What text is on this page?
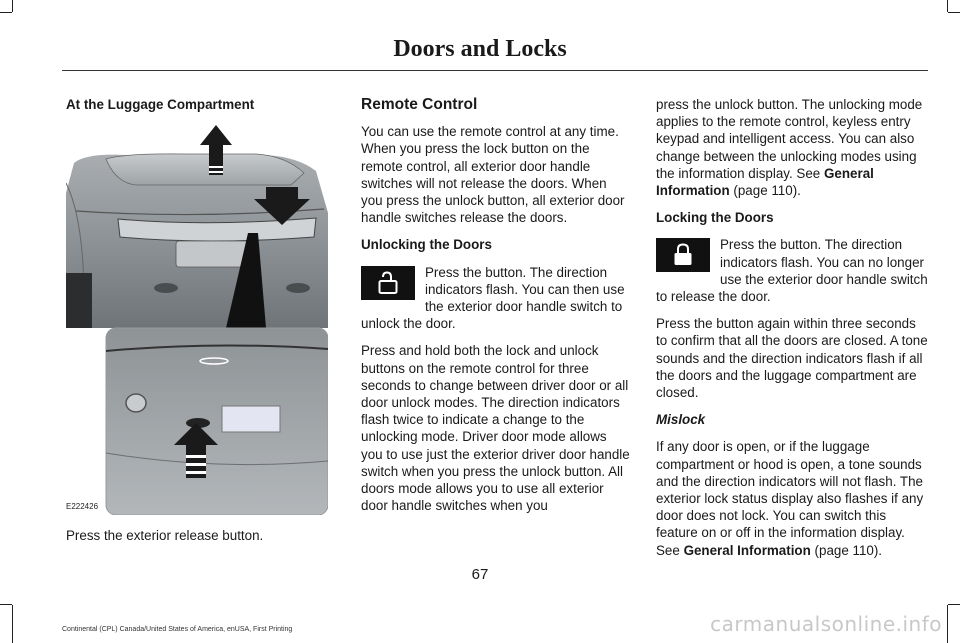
Doors and Locks

At the Luggage Compartment

E222426

Press the exterior release button.

Remote Control

You can use the remote control at any time. When you press the lock button on the remote control, all exterior door handle switches will not release the doors. When you press the unlock button, all exterior door handle switches release the doors.

Unlocking the Doors

Press the button. The direction indicators flash. You can then use the exterior door handle switch to unlock the door.

Press and hold both the lock and unlock buttons on the remote control for three seconds to change between driver door or all door unlock modes. The direction indicators flash twice to indicate a change to the unlocking mode. Driver door mode allows you to use just the exterior driver door handle switch when you press the unlock button. All doors mode allows you to use all exterior door handle switches when you

press the unlock button. The unlocking mode applies to the remote control, keyless entry keypad and intelligent access. You can also change between the unlocking modes using the information display. See General Information (page 110).

Locking the Doors

Press the button. The direction indicators flash. You can no longer use the exterior door handle switch to release the door.

Press the button again within three seconds to confirm that all the doors are closed. A tone sounds and the direction indicators flash if all the doors and the luggage compartment are closed.

Mislock

If any door is open, or if the luggage compartment or hood is open, a tone sounds and the direction indicators will not flash. The exterior lock status display also flashes if any door does not lock. You can switch this feature on or off in the information display. See General Information (page 110).

67
Continental (CPL) Canada/United States of America, enUSA, First Printing	carmanualsonline.info
